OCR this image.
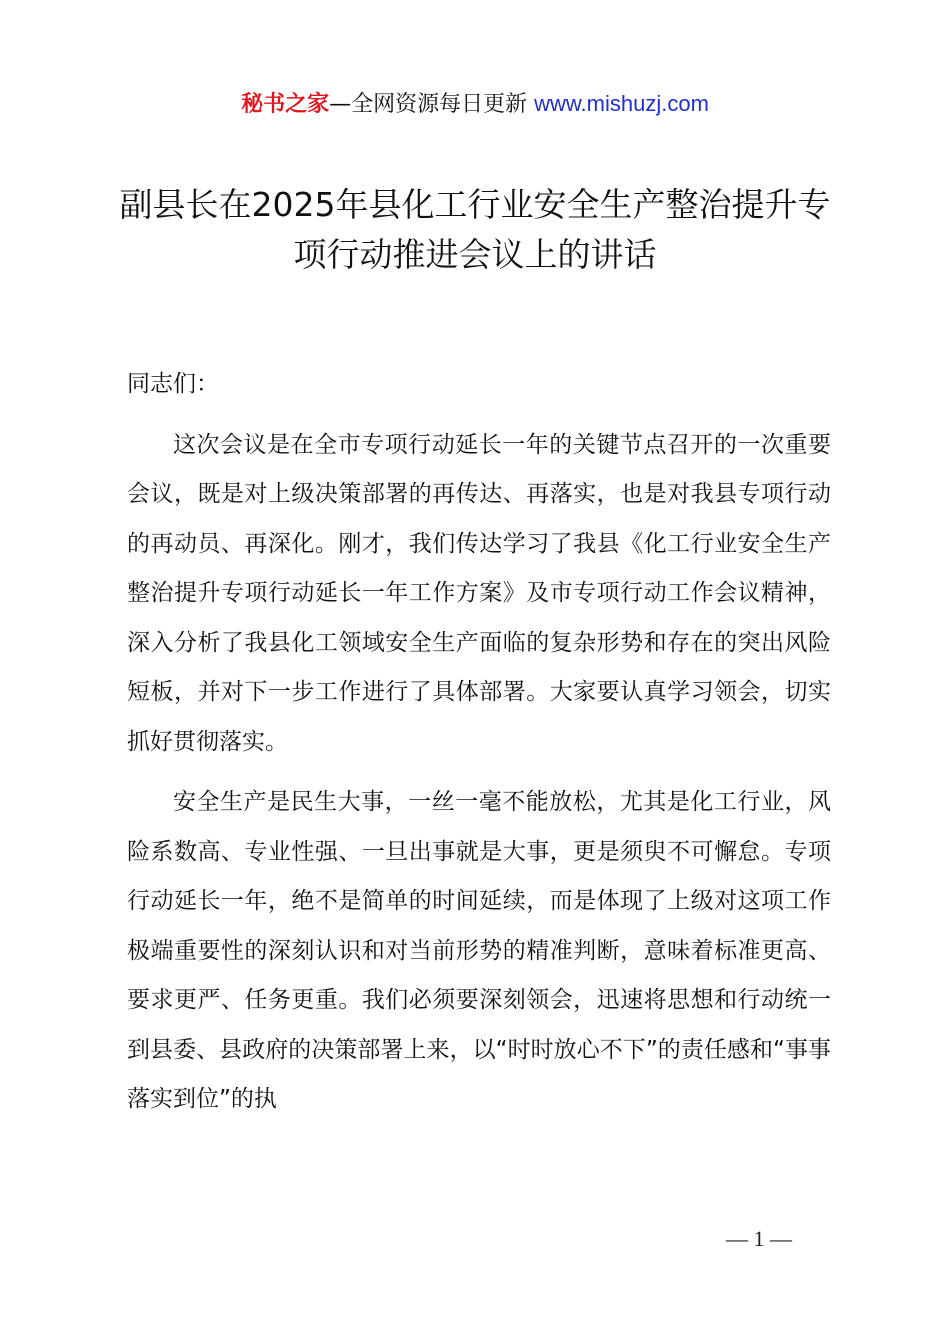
秘书之家—全网资源每日更新 www.mishuzj.com
副县长在2025年县化工行业安全生产整治提升专项行动推进会议上的讲话

同志们：

这次会议是在全市专项行动延长一年的关键节点召开的一次重要会议，既是对上级决策部署的再传达、再落实，也是对我县专项行动的再动员、再深化。刚才，我们传达学习了我县《化工行业安全生产整治提升专项行动延长一年工作方案》及市专项行动工作会议精神，深入分析了我县化工领域安全生产面临的复杂形势和存在的突出风险短板，并对下一步工作进行了具体部署。大家要认真学习领会，切实抓好贯彻落实。

安全生产是民生大事，一丝一毫不能放松，尤其是化工行业，风险系数高、专业性强、一旦出事就是大事，更是须臾不可懈怠。专项行动延长一年，绝不是简单的时间延续，而是体现了上级对这项工作极端重要性的深刻认识和对当前形势的精准判断，意味着标准更高、要求更严、任务更重。我们必须要深刻领会，迅速将思想和行动统一到县委、县政府的决策部署上来，以“时时放心不下”的责任感和“事事落实到位”的执

— 1 —
